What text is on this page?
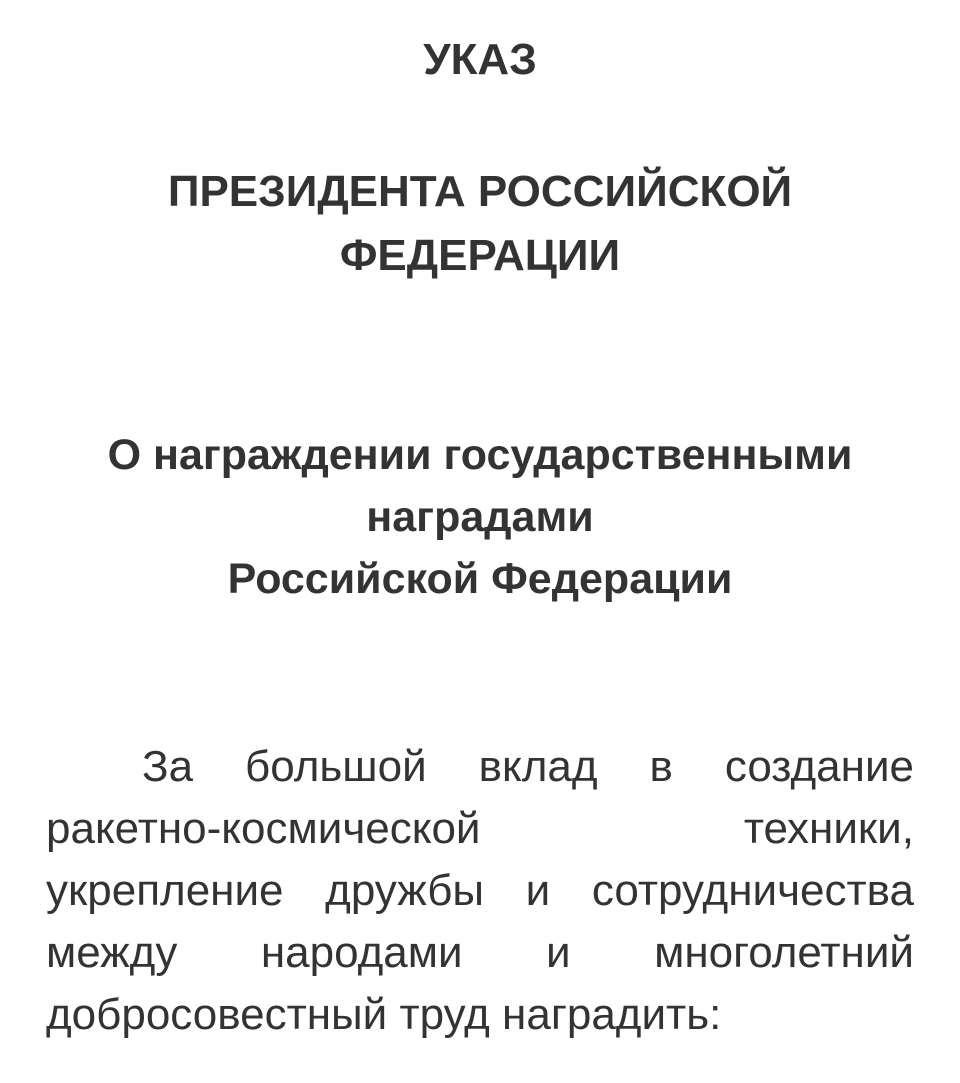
УКАЗ
ПРЕЗИДЕНТА РОССИЙСКОЙ
ФЕДЕРАЦИИ
О награждении государственными
наградами
Российской Федерации

За большой вклад в создание
ракетно-космической техники,
укрепление дружбы и сотрудничества
между народами и многолетний
добросовестный труд наградить:
